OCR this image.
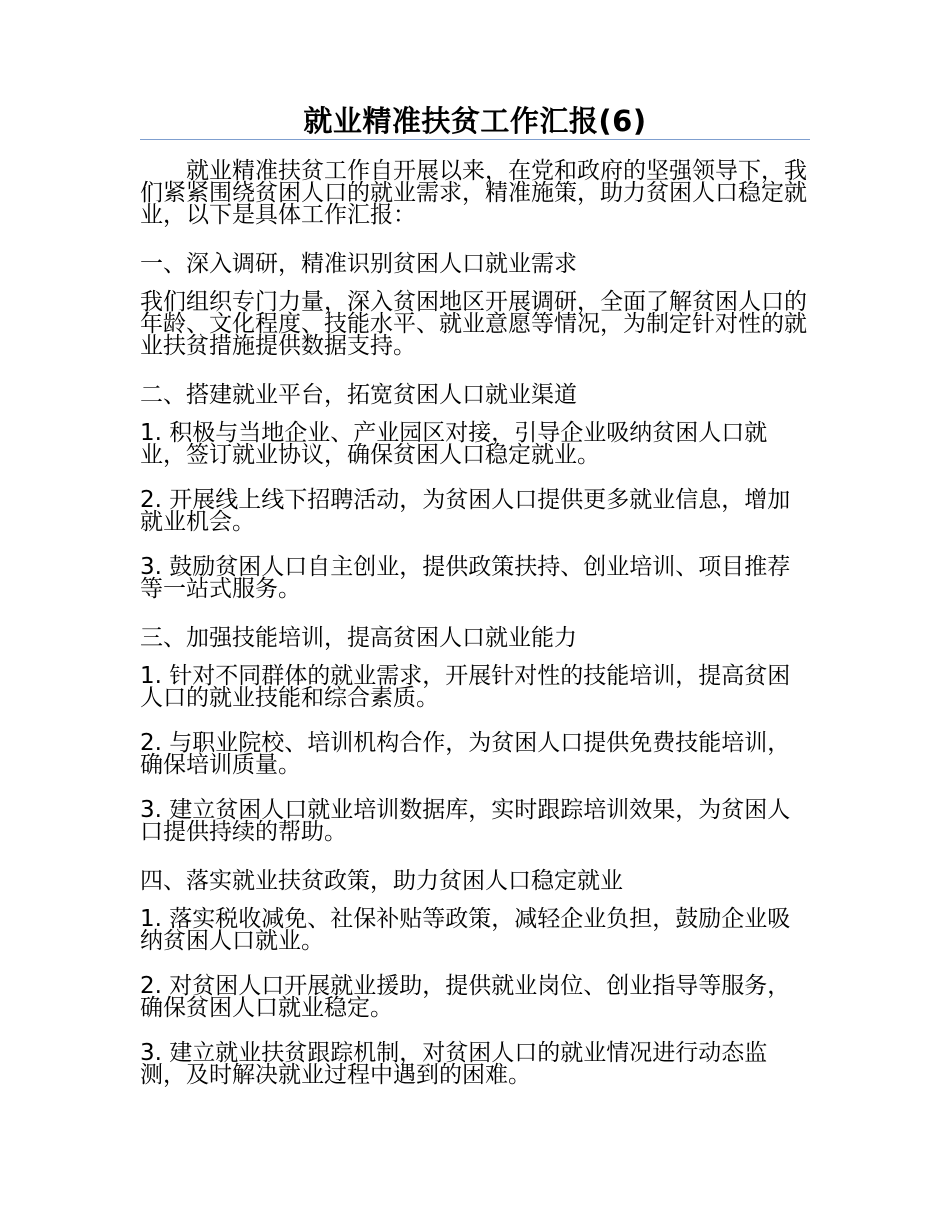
就业精准扶贫工作汇报(6)

就业精准扶贫工作自开展以来，在党和政府的坚强领导下，我们紧紧围绕贫困人口的就业需求，精准施策，助力贫困人口稳定就业，以下是具体工作汇报：

一、深入调研，精准识别贫困人口就业需求

我们组织专门力量，深入贫困地区开展调研，全面了解贫困人口的年龄、文化程度、技能水平、就业意愿等情况，为制定针对性的就业扶贫措施提供数据支持。

二、搭建就业平台，拓宽贫困人口就业渠道

1. 积极与当地企业、产业园区对接，引导企业吸纳贫困人口就业，签订就业协议，确保贫困人口稳定就业。

2. 开展线上线下招聘活动，为贫困人口提供更多就业信息，增加就业机会。

3. 鼓励贫困人口自主创业，提供政策扶持、创业培训、项目推荐等一站式服务。

三、加强技能培训，提高贫困人口就业能力

1. 针对不同群体的就业需求，开展针对性的技能培训，提高贫困人口的就业技能和综合素质。

2. 与职业院校、培训机构合作，为贫困人口提供免费技能培训，确保培训质量。

3. 建立贫困人口就业培训数据库，实时跟踪培训效果，为贫困人口提供持续的帮助。

四、落实就业扶贫政策，助力贫困人口稳定就业

1. 落实税收减免、社保补贴等政策，减轻企业负担，鼓励企业吸纳贫困人口就业。

2. 对贫困人口开展就业援助，提供就业岗位、创业指导等服务，确保贫困人口就业稳定。

3. 建立就业扶贫跟踪机制，对贫困人口的就业情况进行动态监测，及时解决就业过程中遇到的困难。
